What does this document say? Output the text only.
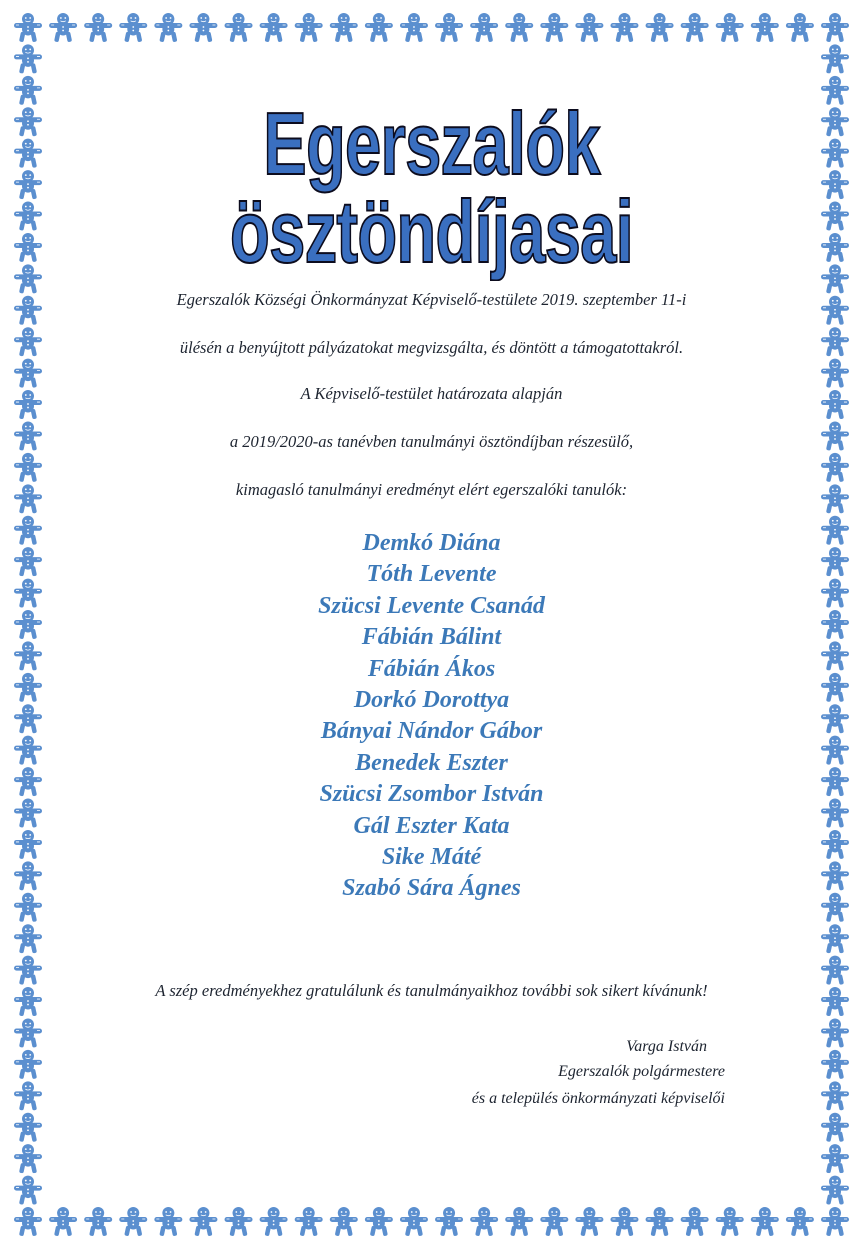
Egerszalók ösztöndíjasai
Egerszalók Községi Önkormányzat Képviselő-testülete 2019. szeptember 11-i
ülésén a benyújtott pályázatokat megvizsgálta, és döntött a támogatottakról.
A Képviselő-testület határozata alapján
a 2019/2020-as tanévben tanulmányi ösztöndíjban részesülő,
kimagasló tanulmányi eredményt elért egerszalóki tanulók:
Demkó Diána
Tóth Levente
Szücsi Levente Csanád
Fábián Bálint
Fábián Ákos
Dorkó Dorottya
Bányai Nándor Gábor
Benedek Eszter
Szücsi Zsombor István
Gál Eszter Kata
Sike Máté
Szabó Sára Ágnes
A szép eredményekhez gratulálunk és tanulmányaikhoz további sok sikert kívánunk!
Varga István
Egerszalók polgármestere
és a település önkormányzati képviselői
